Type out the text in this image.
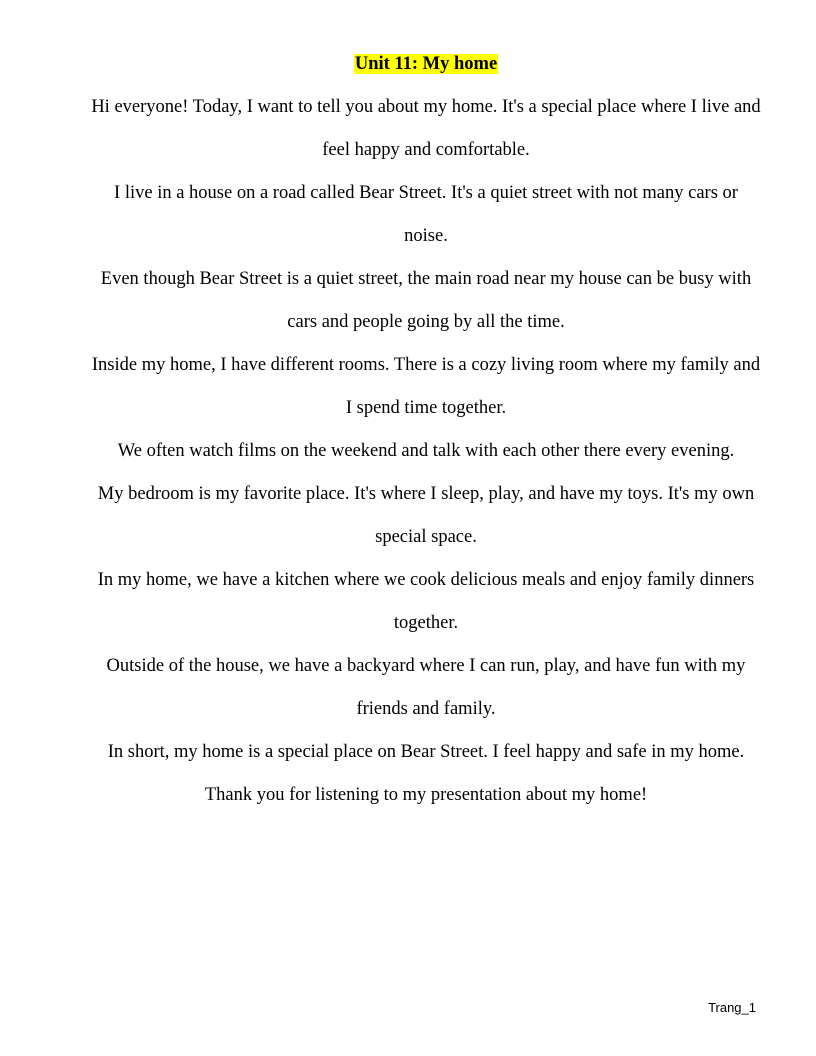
Unit 11: My home

Hi everyone! Today, I want to tell you about my home. It's a special place where I live and feel happy and comfortable.

I live in a house on a road called Bear Street. It's a quiet street with not many cars or noise.

Even though Bear Street is a quiet street, the main road near my house can be busy with cars and people going by all the time.

Inside my home, I have different rooms. There is a cozy living room where my family and I spend time together.

We often watch films on the weekend and talk with each other there every evening.

My bedroom is my favorite place. It's where I sleep, play, and have my toys. It's my own special space.

In my home, we have a kitchen where we cook delicious meals and enjoy family dinners together.

Outside of the house, we have a backyard where I can run, play, and have fun with my friends and family.

In short, my home is a special place on Bear Street. I feel happy and safe in my home.

Thank you for listening to my presentation about my home!

Trang_1
